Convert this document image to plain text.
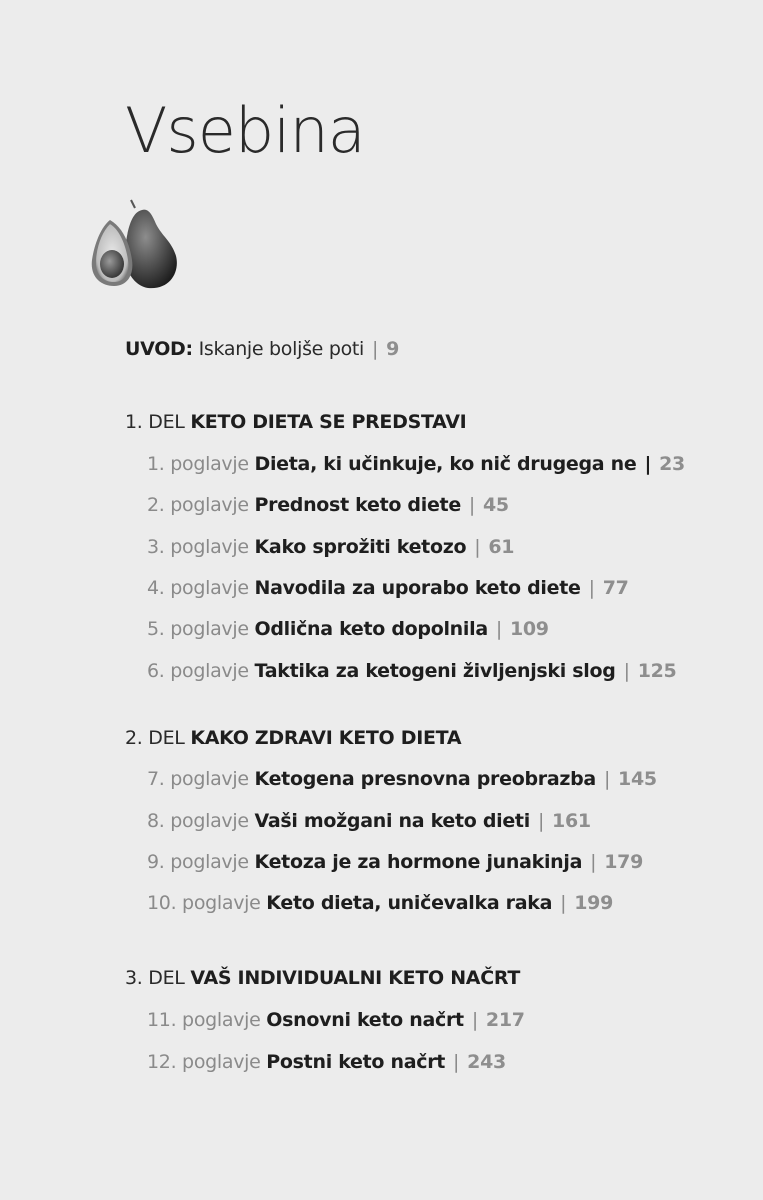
Vsebina
UVOD: Iskanje boljše poti | 9
1. DEL KETO DIETA SE PREDSTAVI
1. poglavje Dieta, ki učinkuje, ko nič drugega ne | 23
2. poglavje Prednost keto diete | 45
3. poglavje Kako sprožiti ketozo | 61
4. poglavje Navodila za uporabo keto diete | 77
5. poglavje Odlična keto dopolnila | 109
6. poglavje Taktika za ketogeni življenjski slog | 125
2. DEL KAKO ZDRAVI KETO DIETA
7. poglavje Ketogena presnovna preobrazba | 145
8. poglavje Vaši možgani na keto dieti | 161
9. poglavje Ketoza je za hormone junakinja | 179
10. poglavje Keto dieta, uničevalka raka | 199
3. DEL VAŠ INDIVIDUALNI KETO NAČRT
11. poglavje Osnovni keto načrt | 217
12. poglavje Postni keto načrt | 243
